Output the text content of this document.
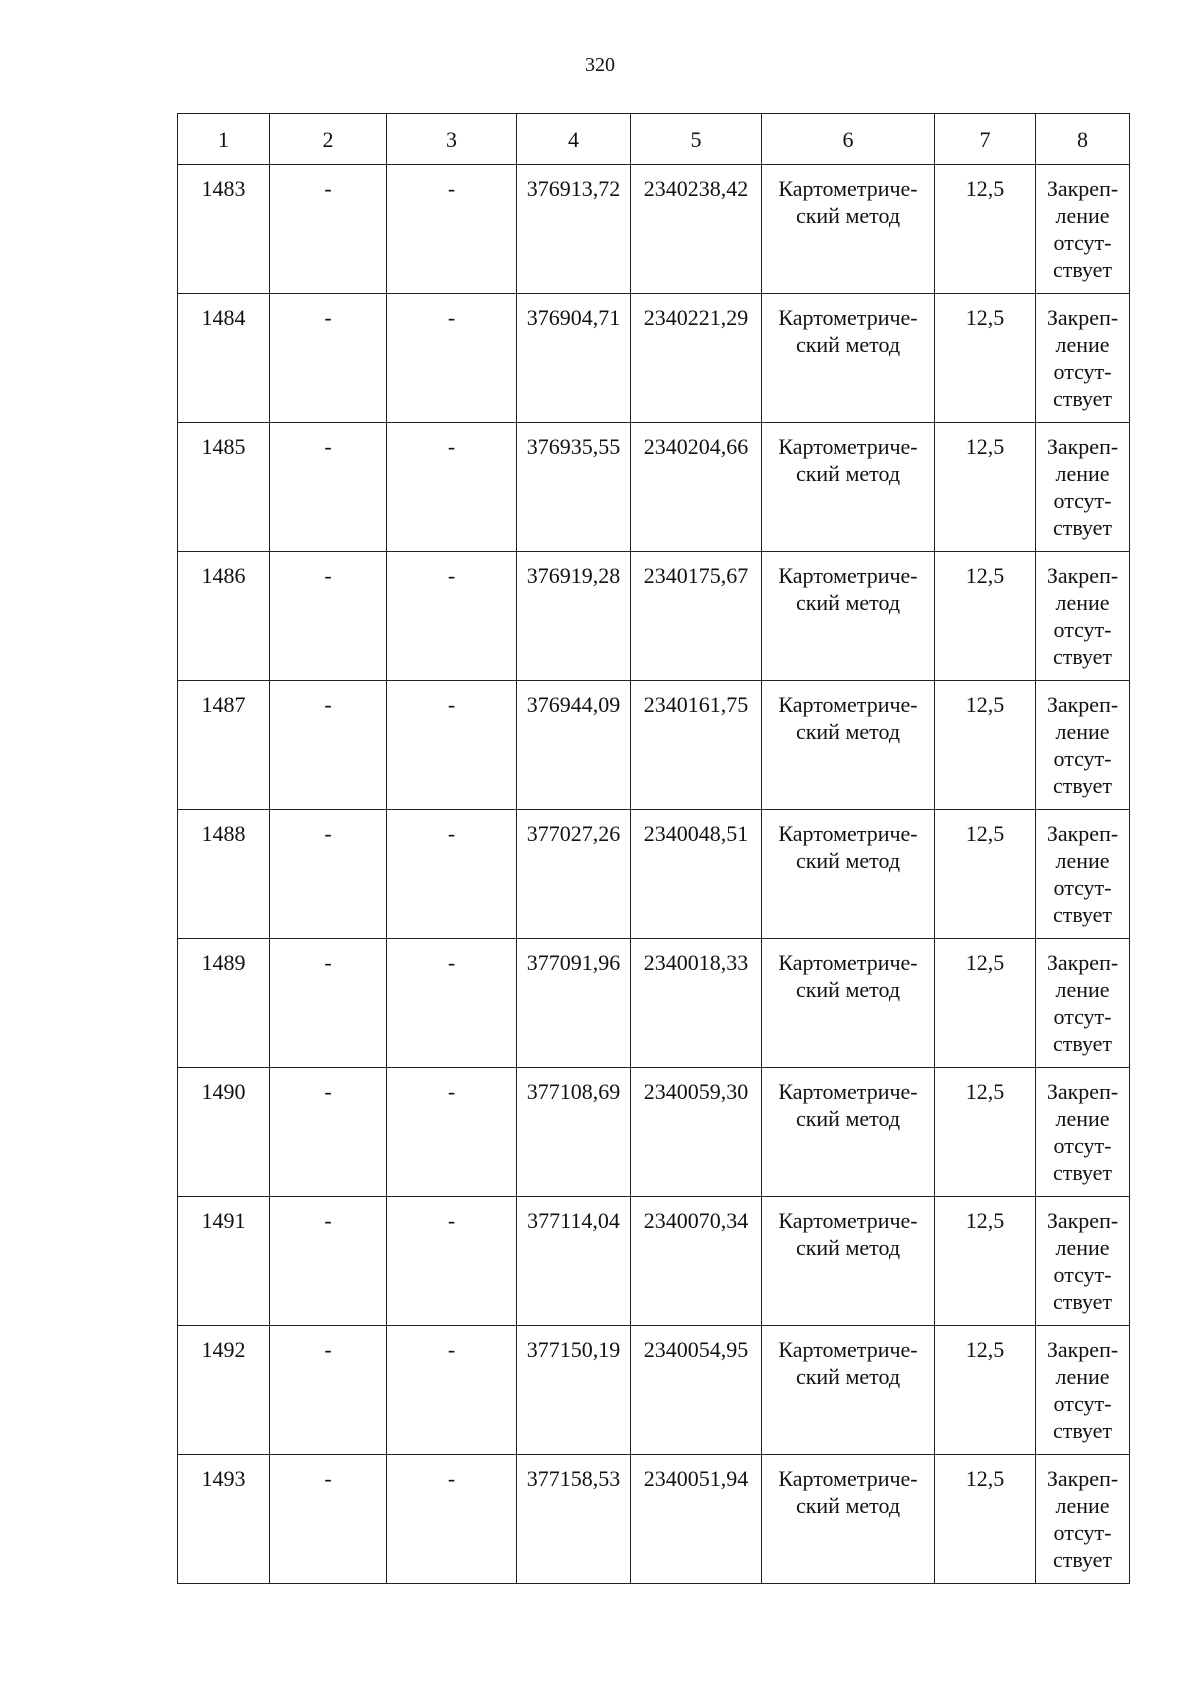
320
1	2	3	4	5	6	7	8

1483	-	-	376913,72	2340238,42	Картометриче-
ский метод	12,5	Закреп-
ление
отсут-
ствует

1484	-	-	376904,71	2340221,29	Картометриче-
ский метод	12,5	Закреп-
ление
отсут-
ствует

1485	-	-	376935,55	2340204,66	Картометриче-
ский метод	12,5	Закреп-
ление
отсут-
ствует

1486	-	-	376919,28	2340175,67	Картометриче-
ский метод	12,5	Закреп-
ление
отсут-
ствует

1487	-	-	376944,09	2340161,75	Картометриче-
ский метод	12,5	Закреп-
ление
отсут-
ствует

1488	-	-	377027,26	2340048,51	Картометриче-
ский метод	12,5	Закреп-
ление
отсут-
ствует

1489	-	-	377091,96	2340018,33	Картометриче-
ский метод	12,5	Закреп-
ление
отсут-
ствует

1490	-	-	377108,69	2340059,30	Картометриче-
ский метод	12,5	Закреп-
ление
отсут-
ствует

1491	-	-	377114,04	2340070,34	Картометриче-
ский метод	12,5	Закреп-
ление
отсут-
ствует

1492	-	-	377150,19	2340054,95	Картометриче-
ский метод	12,5	Закреп-
ление
отсут-
ствует

1493	-	-	377158,53	2340051,94	Картометриче-
ский метод	12,5	Закреп-
ление
отсут-
ствует
